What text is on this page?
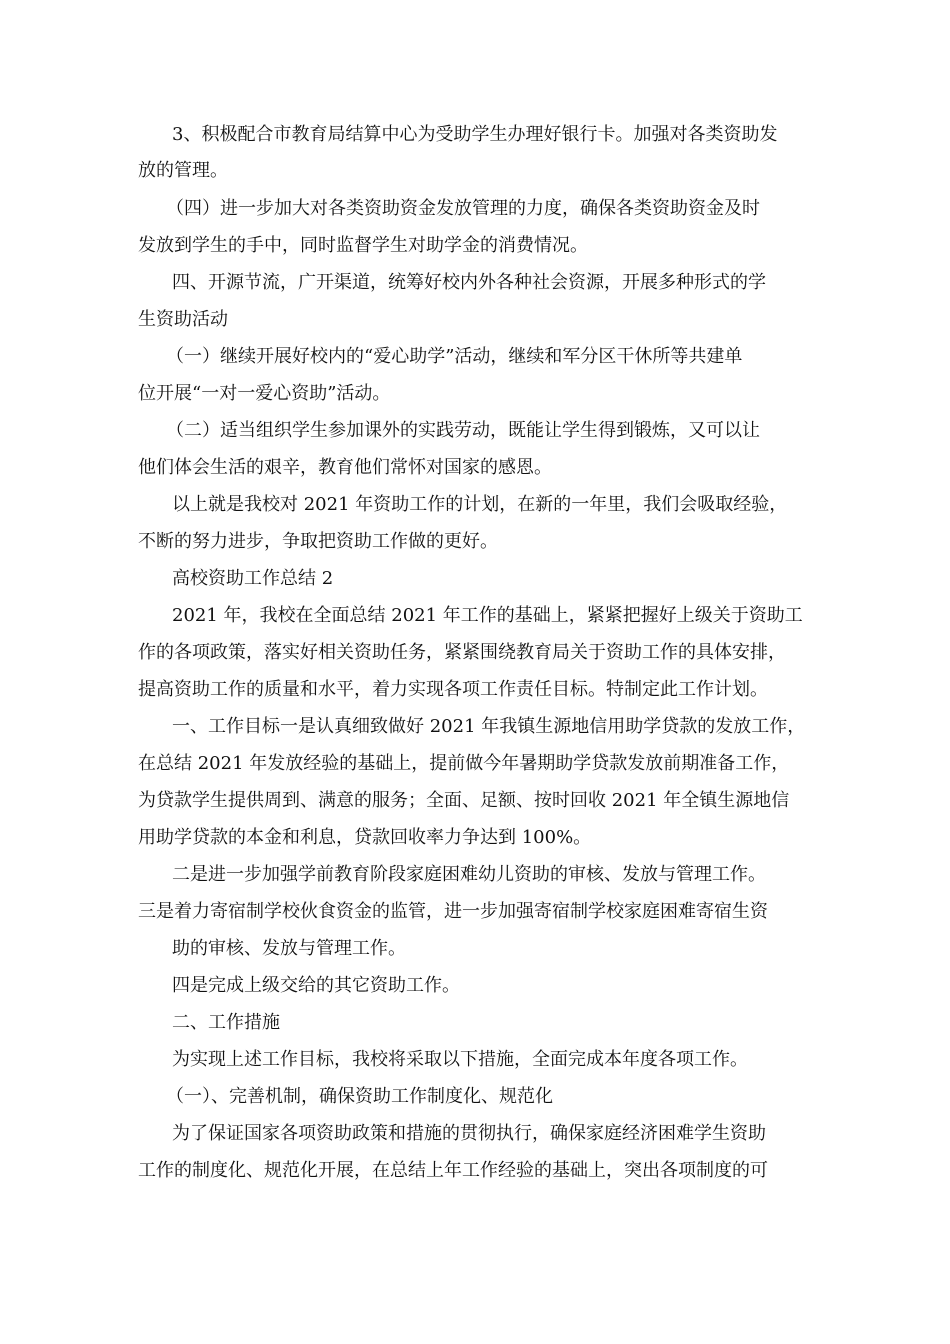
3、积极配合市教育局结算中心为受助学生办理好银行卡。加强对各类资助发

放的管理。

（四）进一步加大对各类资助资金发放管理的力度，确保各类资助资金及时

发放到学生的手中，同时监督学生对助学金的消费情况。

四、开源节流，广开渠道，统筹好校内外各种社会资源，开展多种形式的学

生资助活动

（一）继续开展好校内的“爱心助学”活动，继续和军分区干休所等共建单

位开展“一对一爱心资助”活动。

（二）适当组织学生参加课外的实践劳动，既能让学生得到锻炼，又可以让

他们体会生活的艰辛，教育他们常怀对国家的感恩。

以上就是我校对 2021 年资助工作的计划，在新的一年里，我们会吸取经验，

不断的努力进步，争取把资助工作做的更好。

高校资助工作总结 2

2021 年，我校在全面总结 2021 年工作的基础上，紧紧把握好上级关于资助工

作的各项政策，落实好相关资助任务，紧紧围绕教育局关于资助工作的具体安排，

提高资助工作的质量和水平，着力实现各项工作责任目标。特制定此工作计划。

一、工作目标一是认真细致做好 2021 年我镇生源地信用助学贷款的发放工作，

在总结 2021 年发放经验的基础上，提前做今年暑期助学贷款发放前期准备工作，

为贷款学生提供周到、满意的服务；全面、足额、按时回收 2021 年全镇生源地信

用助学贷款的本金和利息，贷款回收率力争达到 100%。

二是进一步加强学前教育阶段家庭困难幼儿资助的审核、发放与管理工作。

三是着力寄宿制学校伙食资金的监管，进一步加强寄宿制学校家庭困难寄宿生资

助的审核、发放与管理工作。

四是完成上级交给的其它资助工作。

二、工作措施

为实现上述工作目标，我校将采取以下措施，全面完成本年度各项工作。

（一）、完善机制，确保资助工作制度化、规范化

为了保证国家各项资助政策和措施的贯彻执行，确保家庭经济困难学生资助

工作的制度化、规范化开展，在总结上年工作经验的基础上，突出各项制度的可
